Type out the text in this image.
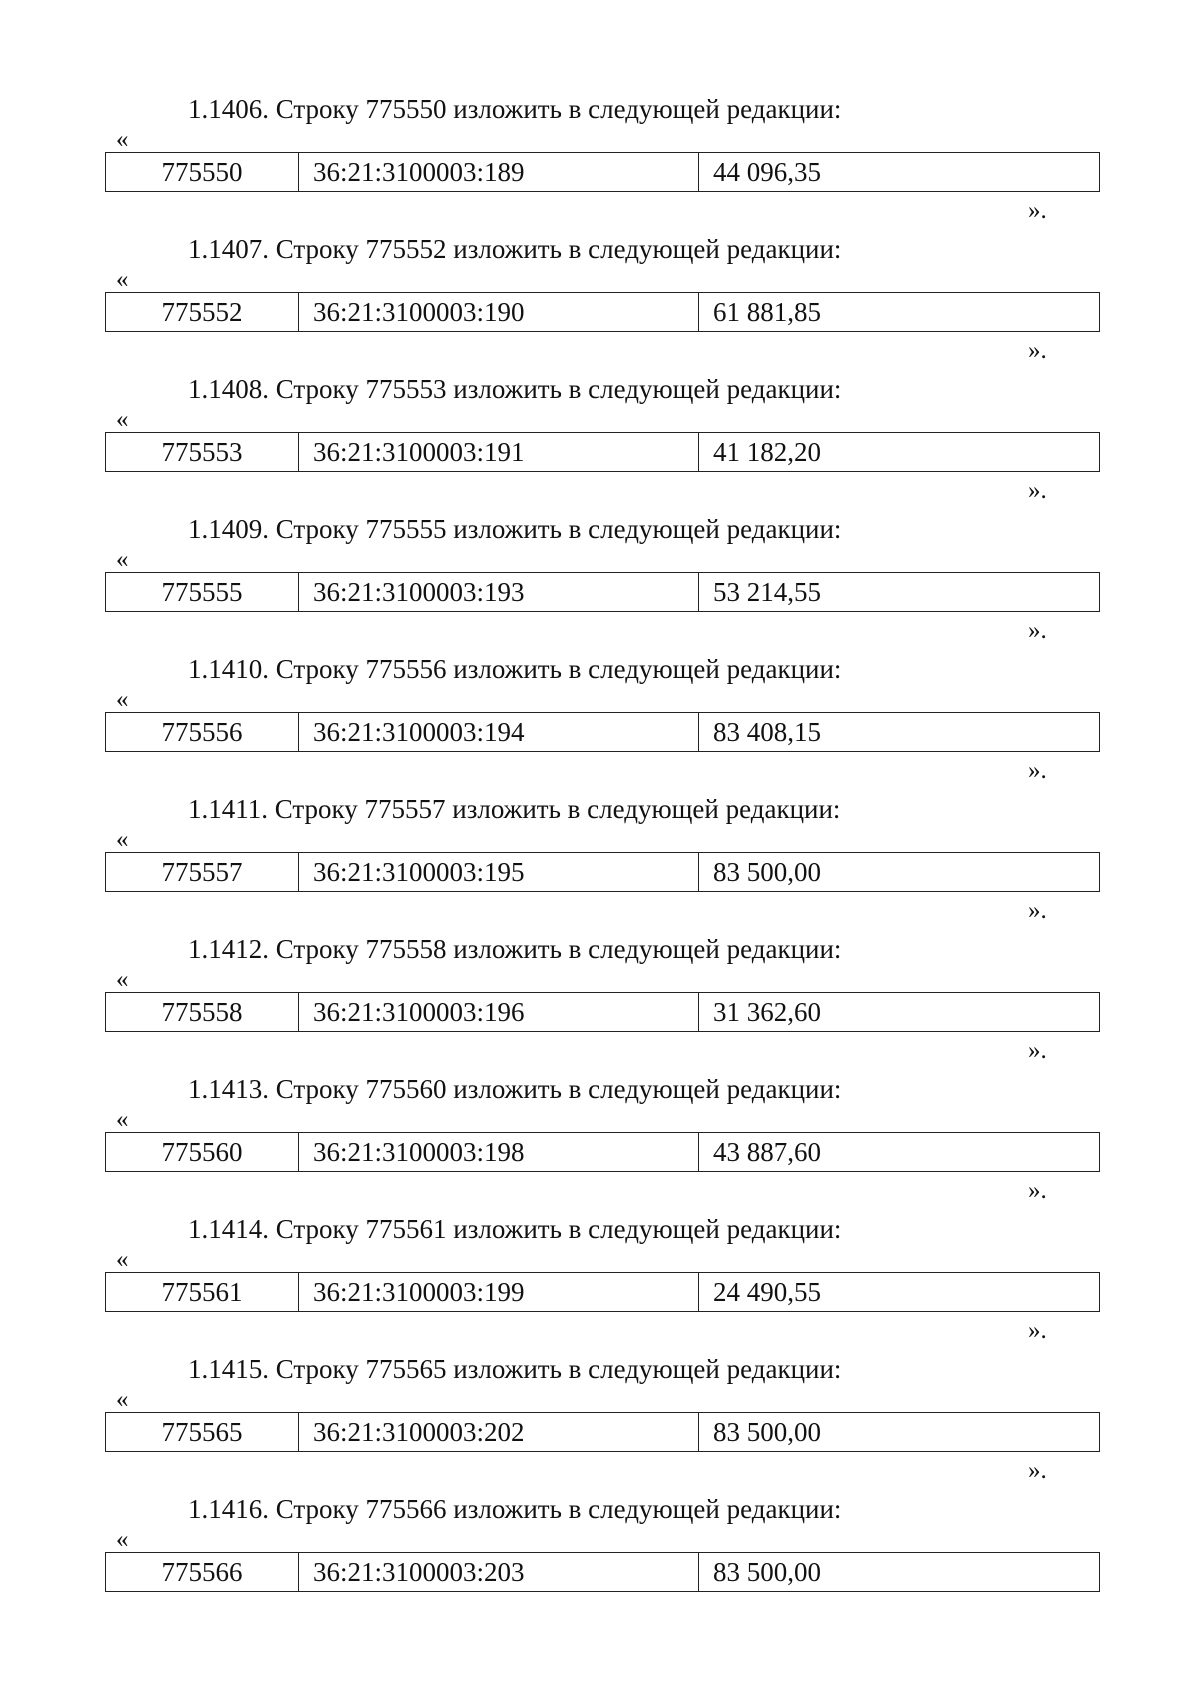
1.1406. Строку 775550 изложить в следующей редакции:
«
775550	36:21:3100003:189	44 096,35
».
1.1407. Строку 775552 изложить в следующей редакции:
«
775552	36:21:3100003:190	61 881,85
».
1.1408. Строку 775553 изложить в следующей редакции:
«
775553	36:21:3100003:191	41 182,20
».
1.1409. Строку 775555 изложить в следующей редакции:
«
775555	36:21:3100003:193	53 214,55
».
1.1410. Строку 775556 изложить в следующей редакции:
«
775556	36:21:3100003:194	83 408,15
».
1.1411. Строку 775557 изложить в следующей редакции:
«
775557	36:21:3100003:195	83 500,00
».
1.1412. Строку 775558 изложить в следующей редакции:
«
775558	36:21:3100003:196	31 362,60
».
1.1413. Строку 775560 изложить в следующей редакции:
«
775560	36:21:3100003:198	43 887,60
».
1.1414. Строку 775561 изложить в следующей редакции:
«
775561	36:21:3100003:199	24 490,55
».
1.1415. Строку 775565 изложить в следующей редакции:
«
775565	36:21:3100003:202	83 500,00
».
1.1416. Строку 775566 изложить в следующей редакции:
«
775566	36:21:3100003:203	83 500,00
